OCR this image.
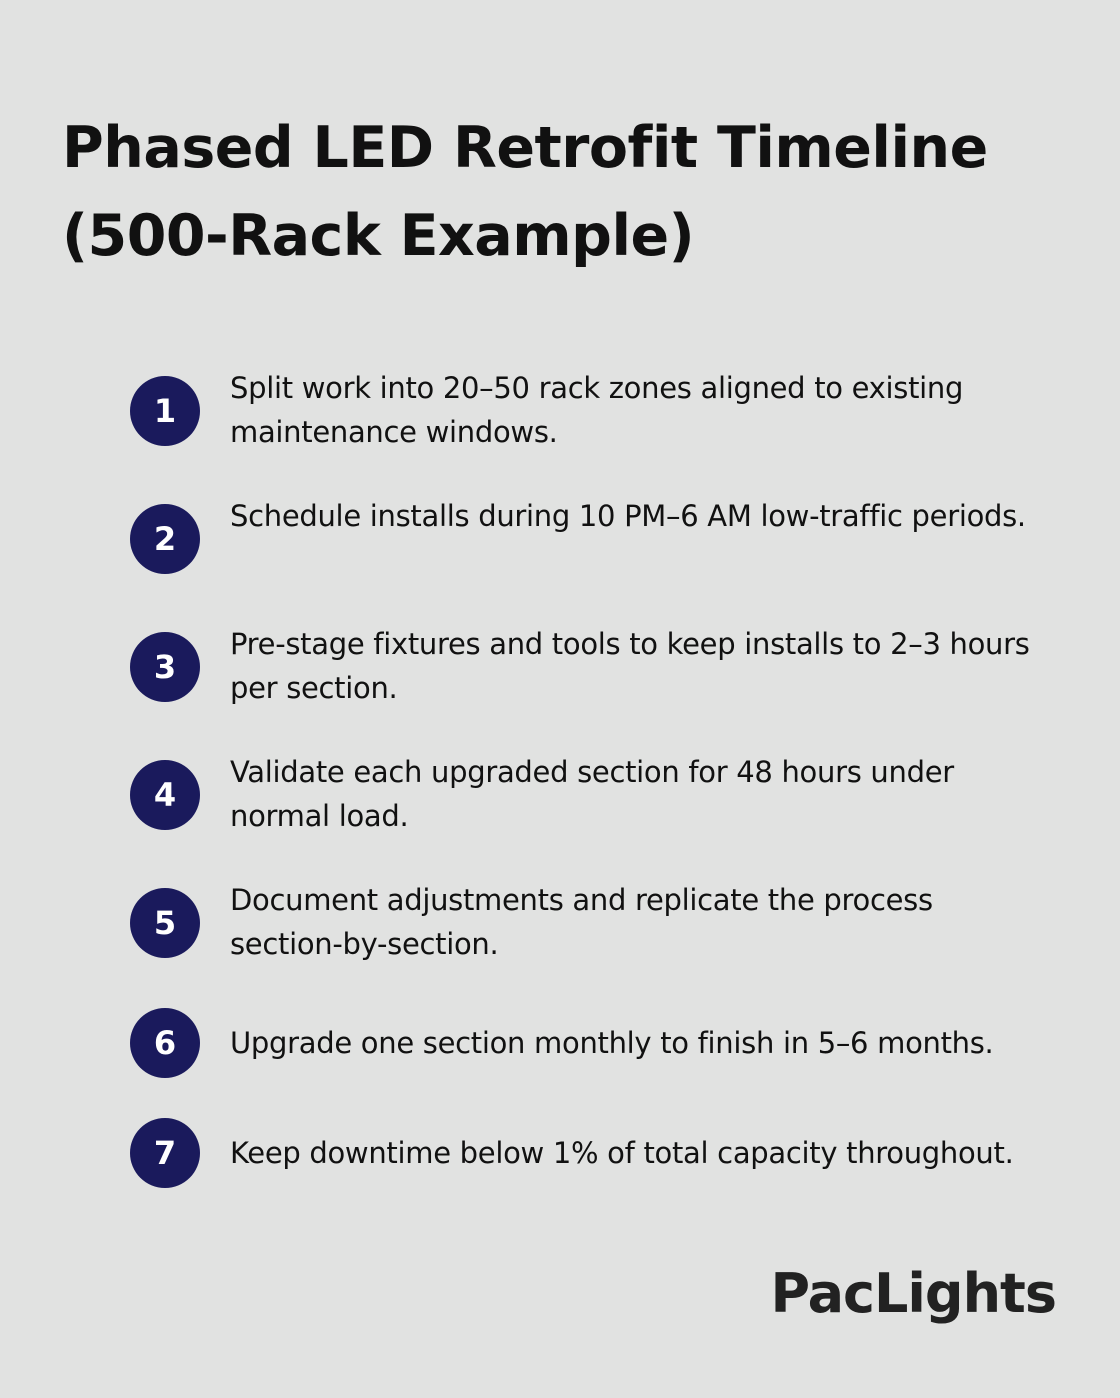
Phased LED Retrofit Timeline (500-Rack Example)
1
Split work into 20–50 rack zones aligned to existing maintenance windows.
2
Schedule installs during 10 PM–6 AM low-traffic periods.
3
Pre-stage fixtures and tools to keep installs to 2–3 hours per section.
4
Validate each upgraded section for 48 hours under normal load.
5
Document adjustments and replicate the process section-by-section.
6	Upgrade one section monthly to finish in 5–6 months.
7	Keep downtime below 1% of total capacity throughout.
PacLights
